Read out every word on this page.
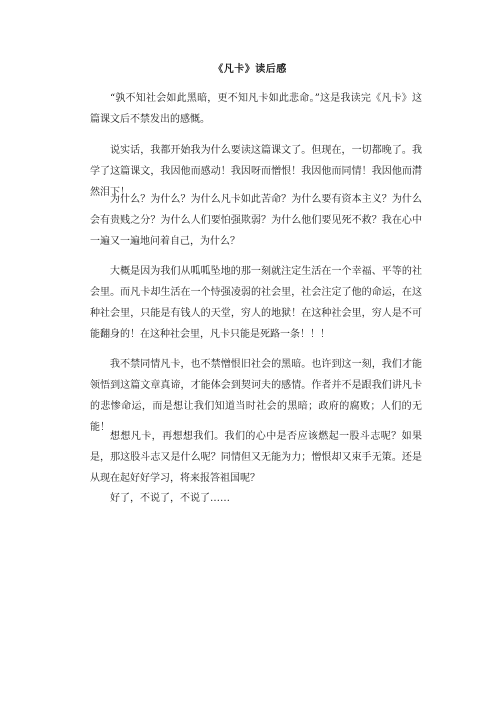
《凡卡》读后感

“孰不知社会如此黑暗，更不知凡卡如此悲命。”这是我读完《凡卡》这篇课文后不禁发出的感慨。

说实话，我都开始我为什么要读这篇课文了。但现在，一切都晚了。我学了这篇课文，我因他而感动！我因呀而憎恨！我因他而同情！我因他而潸然泪下！

为什么？为什么？为什么凡卡如此苦命？为什么要有资本主义？为什么会有贵贱之分？为什么人们要怕强欺弱？为什么他们要见死不救？我在心中一遍又一遍地问着自己，为什么？

大概是因为我们从呱呱坠地的那一刻就注定生活在一个幸福、平等的社会里。而凡卡却生活在一个恃强凌弱的社会里，社会注定了他的命运，在这种社会里，只能是有钱人的天堂，穷人的地狱！在这种社会里，穷人是不可能翻身的！在这种社会里，凡卡只能是死路一条！！！

我不禁同情凡卡，也不禁憎恨旧社会的黑暗。也许到这一刻，我们才能领悟到这篇文章真谛，才能体会到契诃夫的感情。作者并不是跟我们讲凡卡的悲惨命运，而是想让我们知道当时社会的黑暗；政府的腐败；人们的无能！

想想凡卡，再想想我们。我们的心中是否应该燃起一股斗志呢？如果是，那这股斗志又是什么呢？同情但又无能为力；憎恨却又束手无策。还是从现在起好好学习，将来报答祖国呢？

好了，不说了，不说了……
